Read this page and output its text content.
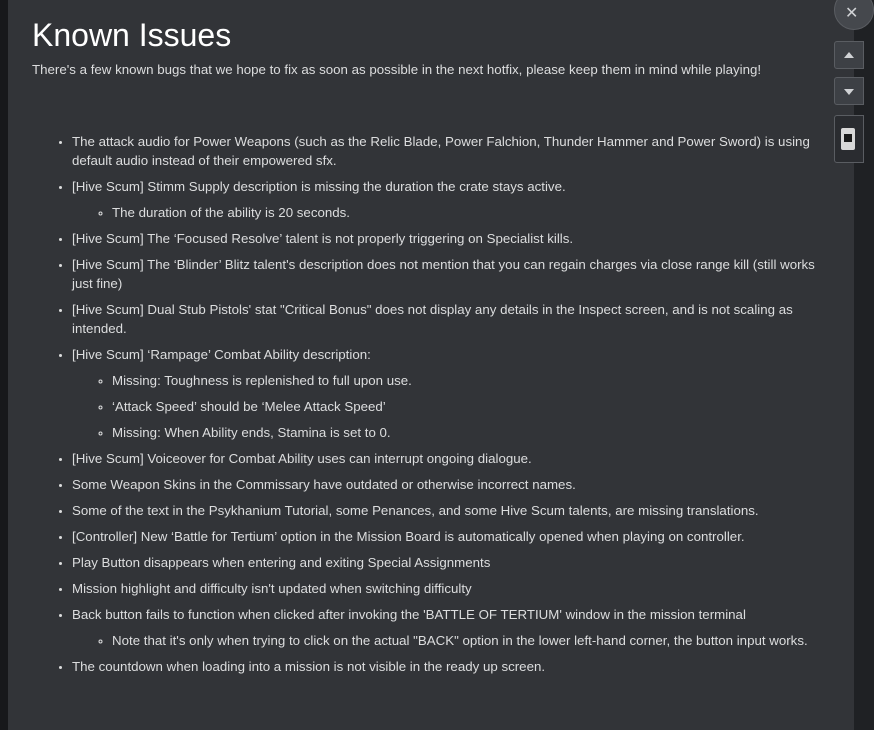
Known Issues

There's a few known bugs that we hope to fix as soon as possible in the next hotfix, please keep them in mind while playing!

• The attack audio for Power Weapons (such as the Relic Blade, Power Falchion, Thunder Hammer and Power Sword) is using default audio instead of their empowered sfx.
• [Hive Scum] Stimm Supply description is missing the duration the crate stays active.
◦ The duration of the ability is 20 seconds.
• [Hive Scum] The ‘Focused Resolve’ talent is not properly triggering on Specialist kills.
• [Hive Scum] The ‘Blinder’ Blitz talent's description does not mention that you can regain charges via close range kill (still works just fine)
• [Hive Scum] Dual Stub Pistols' stat "Critical Bonus" does not display any details in the Inspect screen, and is not scaling as intended.
• [Hive Scum] ‘Rampage’ Combat Ability description:
◦ Missing: Toughness is replenished to full upon use.
◦ ‘Attack Speed’ should be ‘Melee Attack Speed’
◦ Missing: When Ability ends, Stamina is set to 0.
• [Hive Scum] Voiceover for Combat Ability uses can interrupt ongoing dialogue.
• Some Weapon Skins in the Commissary have outdated or otherwise incorrect names.
• Some of the text in the Psykhanium Tutorial, some Penances, and some Hive Scum talents, are missing translations.
• [Controller] New ‘Battle for Tertium’ option in the Mission Board is automatically opened when playing on controller.
• Play Button disappears when entering and exiting Special Assignments
• Mission highlight and difficulty isn't updated when switching difficulty
• Back button fails to function when clicked after invoking the 'BATTLE OF TERTIUM' window in the mission terminal
◦ Note that it's only when trying to click on the actual "BACK" option in the lower left-hand corner, the button input works.
• The countdown when loading into a mission is not visible in the ready up screen.
✕
